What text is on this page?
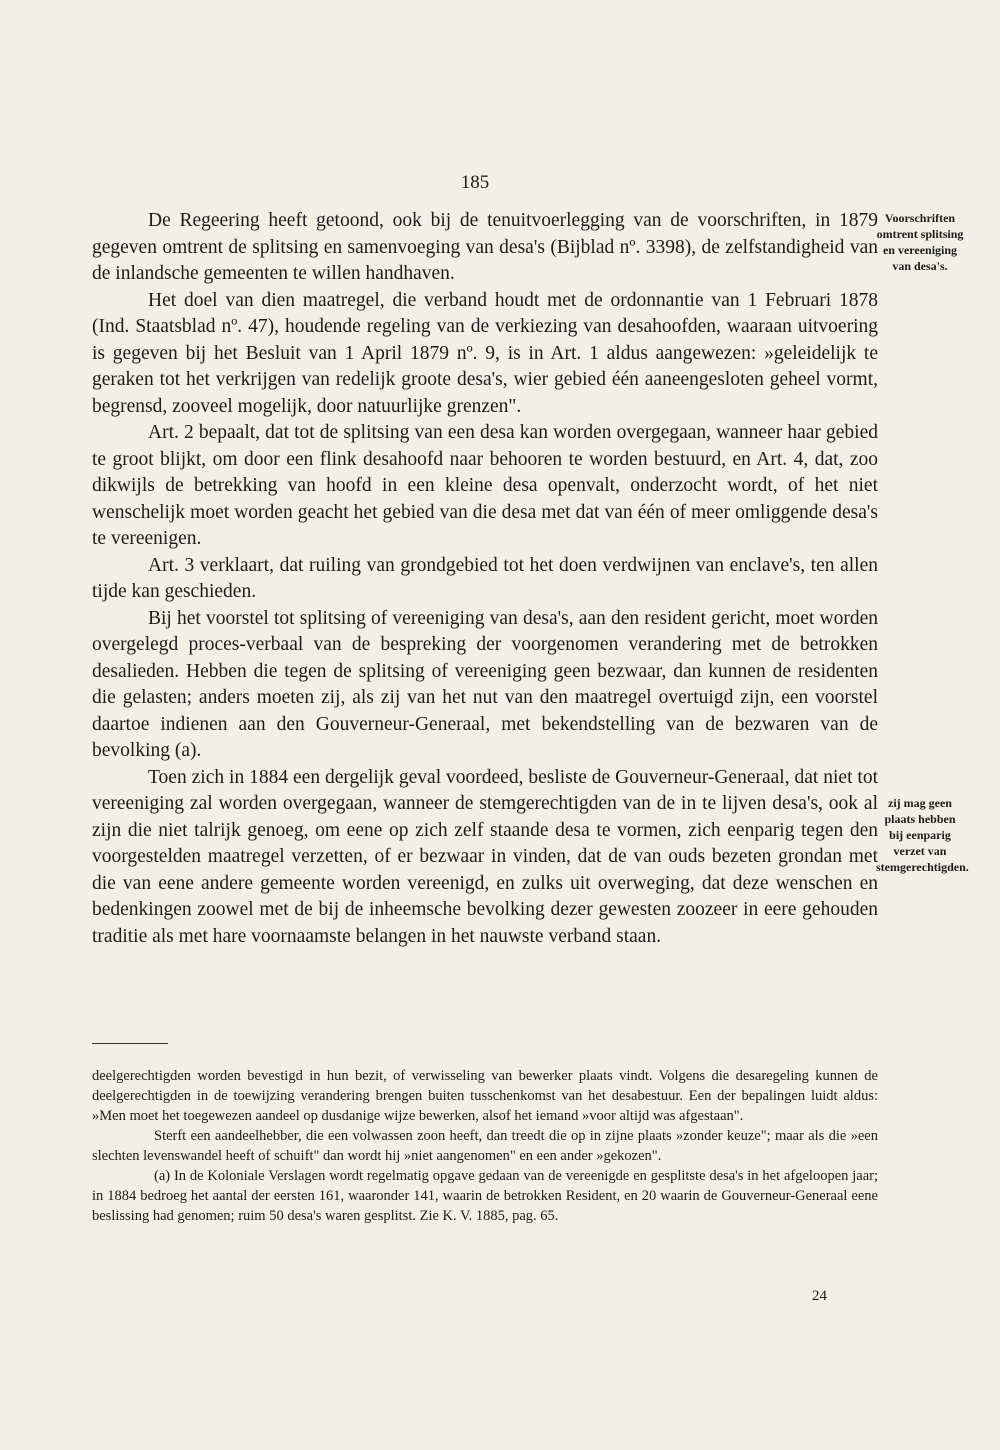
185
Voorschriften omtrent splitsing en vereeniging van desa's.
zij mag geen plaats hebben bij eenparig verzet van stemgerechtigden.

De Regeering heeft getoond, ook bij de tenuitvoerlegging van de voorschriften, in 1879 gegeven omtrent de splitsing en samenvoeging van desa's (Bijblad nº. 3398), de zelfstandigheid van de inlandsche gemeenten te willen handhaven.

Het doel van dien maatregel, die verband houdt met de ordonnantie van 1 Februari 1878 (Ind. Staatsblad nº. 47), houdende regeling van de verkiezing van desahoofden, waaraan uitvoering is gegeven bij het Besluit van 1 April 1879 nº. 9, is in Art. 1 aldus aangewezen: »geleidelijk te geraken tot het verkrijgen van redelijk groote desa's, wier gebied één aaneengesloten geheel vormt, begrensd, zooveel mogelijk, door natuurlijke grenzen".

Art. 2 bepaalt, dat tot de splitsing van een desa kan worden overgegaan, wanneer haar gebied te groot blijkt, om door een flink desahoofd naar behooren te worden bestuurd, en Art. 4, dat, zoo dikwijls de betrekking van hoofd in een kleine desa openvalt, onderzocht wordt, of het niet wenschelijk moet worden geacht het gebied van die desa met dat van één of meer omliggende desa's te vereenigen.

Art. 3 verklaart, dat ruiling van grondgebied tot het doen verdwijnen van enclave's, ten allen tijde kan geschieden.

Bij het voorstel tot splitsing of vereeniging van desa's, aan den resident gericht, moet worden overgelegd proces-verbaal van de bespreking der voorgenomen verandering met de betrokken desalieden. Hebben die tegen de splitsing of vereeniging geen bezwaar, dan kunnen de residenten die gelasten; anders moeten zij, als zij van het nut van den maatregel overtuigd zijn, een voorstel daartoe indienen aan den Gouverneur-Generaal, met bekendstelling van de bezwaren van de bevolking (a).

Toen zich in 1884 een dergelijk geval voordeed, besliste de Gouverneur-Generaal, dat niet tot vereeniging zal worden overgegaan, wanneer de stemgerechtigden van de in te lijven desa's, ook al zijn die niet talrijk genoeg, om eene op zich zelf staande desa te vormen, zich eenparig tegen den voorgestelden maatregel verzetten, of er bezwaar in vinden, dat de van ouds bezeten grondan met die van eene andere gemeente worden vereenigd, en zulks uit overweging, dat deze wenschen en bedenkingen zoowel met de bij de inheemsche bevolking dezer gewesten zoozeer in eere gehouden traditie als met hare voornaamste belangen in het nauwste verband staan.

deelgerechtigden worden bevestigd in hun bezit, of verwisseling van bewerker plaats vindt. Volgens die desaregeling kunnen de deelgerechtigden in de toewijzing verandering brengen buiten tusschenkomst van het desabestuur. Een der bepalingen luidt aldus: »Men moet het toegewezen aandeel op dusdanige wijze bewerken, alsof het iemand »voor altijd was afgestaan".

Sterft een aandeelhebber, die een volwassen zoon heeft, dan treedt die op in zijne plaats »zonder keuze"; maar als die »een slechten levenswandel heeft of schuift" dan wordt hij »niet aangenomen" en een ander »gekozen".

(a) In de Koloniale Verslagen wordt regelmatig opgave gedaan van de vereenigde en gesplitste desa's in het afgeloopen jaar; in 1884 bedroeg het aantal der eersten 161, waaronder 141, waarin de betrokken Resident, en 20 waarin de Gouverneur-Generaal eene beslissing had genomen; ruim 50 desa's waren gesplitst. Zie K. V. 1885, pag. 65.

24
